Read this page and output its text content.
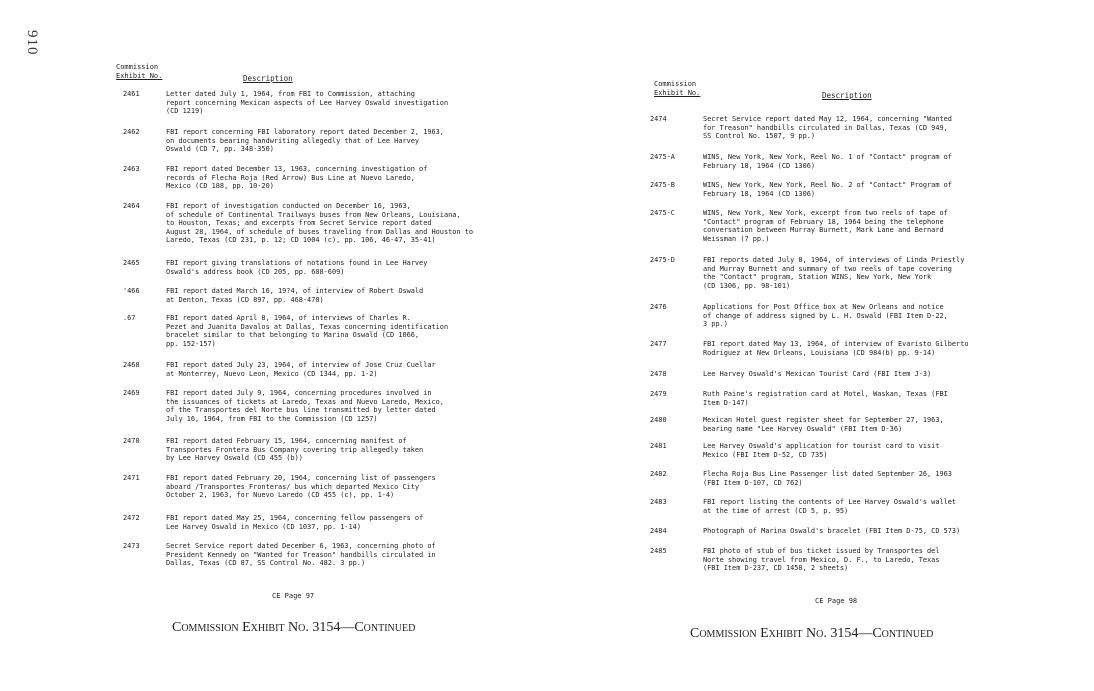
910
Commission
Exhibit No.	Description
2461	Letter dated July 1, 1964, from FBI to Commission, attaching
report concerning Mexican aspects of Lee Harvey Oswald investigation
(CD 1219)
2462	FBI report concerning FBI laboratory report dated December 2, 1963,
on documents bearing handwriting allegedly that of Lee Harvey
Oswald (CD 7, pp. 348-350)
2463	FBI report dated December 13, 1963, concerning investigation of
records of Flecha Roja (Red Arrow) Bus Line at Nuevo Laredo,
Mexico (CD 188, pp. 10-20)
2464	FBI report of investigation conducted on December 16, 1963,
of schedule of Continental Trailways buses from New Orleans, Louisiana,
to Houston, Texas; and excerpts from Secret Service report dated
August 28, 1964, of schedule of buses traveling from Dallas and Houston to
Laredo, Texas (CD 231, p. 12; CD 1004 (c), pp. 106, 46-47, 35-41)
2465	FBI report giving translations of notations found in Lee Harvey
Oswald's address book (CD 205, pp. 608-609)
'466	FBI report dated March 16, 19?4, of interview of Robert Oswald
at Denton, Texas (CD 897, pp. 468-470)
.67	FBI report dated April 8, 1964, of interviews of Charles R.
Pezet and Juanita Davalos at Dallas, Texas concerning identification
bracelet similar to that belonging to Marina Oswald (CD 1066,
pp. 152-157)
2468	FBI report dated July 23, 1964, of interview of Jose Cruz Cuellar
at Monterrey, Nuevo Leon, Mexico (CD 1344, pp. 1-2)
2469	FBI report dated July 9, 1964, concerning procedures involved in
the issuances of tickets at Laredo, Texas and Nuevo Laredo, Mexico,
of the Transportes del Norte bus line transmitted by letter dated
July 16, 1964, from FBI to the Commission (CD 1257)
2470	FBI report dated February 15, 1964, concerning manifest of
Transportes Frontera Bus Company covering trip allegedly taken
by Lee Harvey Oswald (CD 455 (b))
2471	FBI report dated February 20, 1964, concerning list of passengers
aboard /Transportes Fronteras/ bus which departed Mexico City
October 2, 1963, for Nuevo Laredo (CD 455 (c), pp. 1-4)
2472	FBI report dated May 25, 1964, concerning fellow passengers of
Lee Harvey Oswald in Mexico (CD 1037, pp. 1-14)
2473	Secret Service report dated December 6, 1963, concerning photo of
President Kennedy on "Wanted for Treason" handbills circulated in
Dallas, Texas (CD 87, SS Control No. 482. 3 pp.)
CE Page 97
Commission Exhibit No. 3154—Continued
Commission
Exhibit No.	Description
2474	Secret Service report dated May 12, 1964, concerning "Wanted
for Treason" handbills circulated in Dallas, Texas (CD 949,
SS Control No. 1507, 9 pp.)
2475-A	WINS, New York, New York, Reel No. 1 of "Contact" program of
February 18, 1964 (CD 1306)
2475-B	WINS, New York, New York, Reel No. 2 of "Contact" Program of
February 18, 1964 (CD 1306)
2475-C	WINS, New York, New York, excerpt from two reels of tape of
"Contact" program of February 18, 1964 being the telephone
conversation between Murray Burnett, Mark Lane and Bernard
Weissman (7 pp.)
2475-D	FBI reports dated July 8, 1964, of interviews of Linda Priestly
and Murray Burnett and summary of two reels of tape covering
the "Contact" program, Station WINS, New York, New York
(CD 1306, pp. 98-101)
2476	Applications for Post Office box at New Orleans and notice
of change of address signed by L. H. Oswald (FBI Item D-22,
3 pp.)
2477	FBI report dated May 13, 1964, of interview of Evaristo Gilberto
Rodriguez at New Orleans, Louisiana (CD 984(b) pp. 9-14)
2478	Lee Harvey Oswald's Mexican Tourist Card (FBI Item J-3)
2479	Ruth Paine's registration card at Motel, Waskan, Texas (FBI
Item D-147)
2480	Mexican Hotel guest register sheet for September 27, 1963,
bearing name "Lee Harvey Oswald" (FBI Item D-36)
2481	Lee Harvey Oswald's application for tourist card to visit
Mexico (FBI Item D-52, CD 735)
2482	Flecha Roja Bus Line Passenger list dated September 26, 1963
(FBI Item D-107, CD 762)
2483	FBI report listing the contents of Lee Harvey Oswald's wallet
at the time of arrest (CD 5, p. 95)
2484	Photograph of Marina Oswald's bracelet (FBI Item D-75, CD 573)
2485	FBI photo of stub of bus ticket issued by Transportes del
Norte showing travel from Mexico, D. F., to Laredo, Texas
(FBI Item D-237, CD 1458, 2 sheets)
CE Page 98
Commission Exhibit No. 3154—Continued
